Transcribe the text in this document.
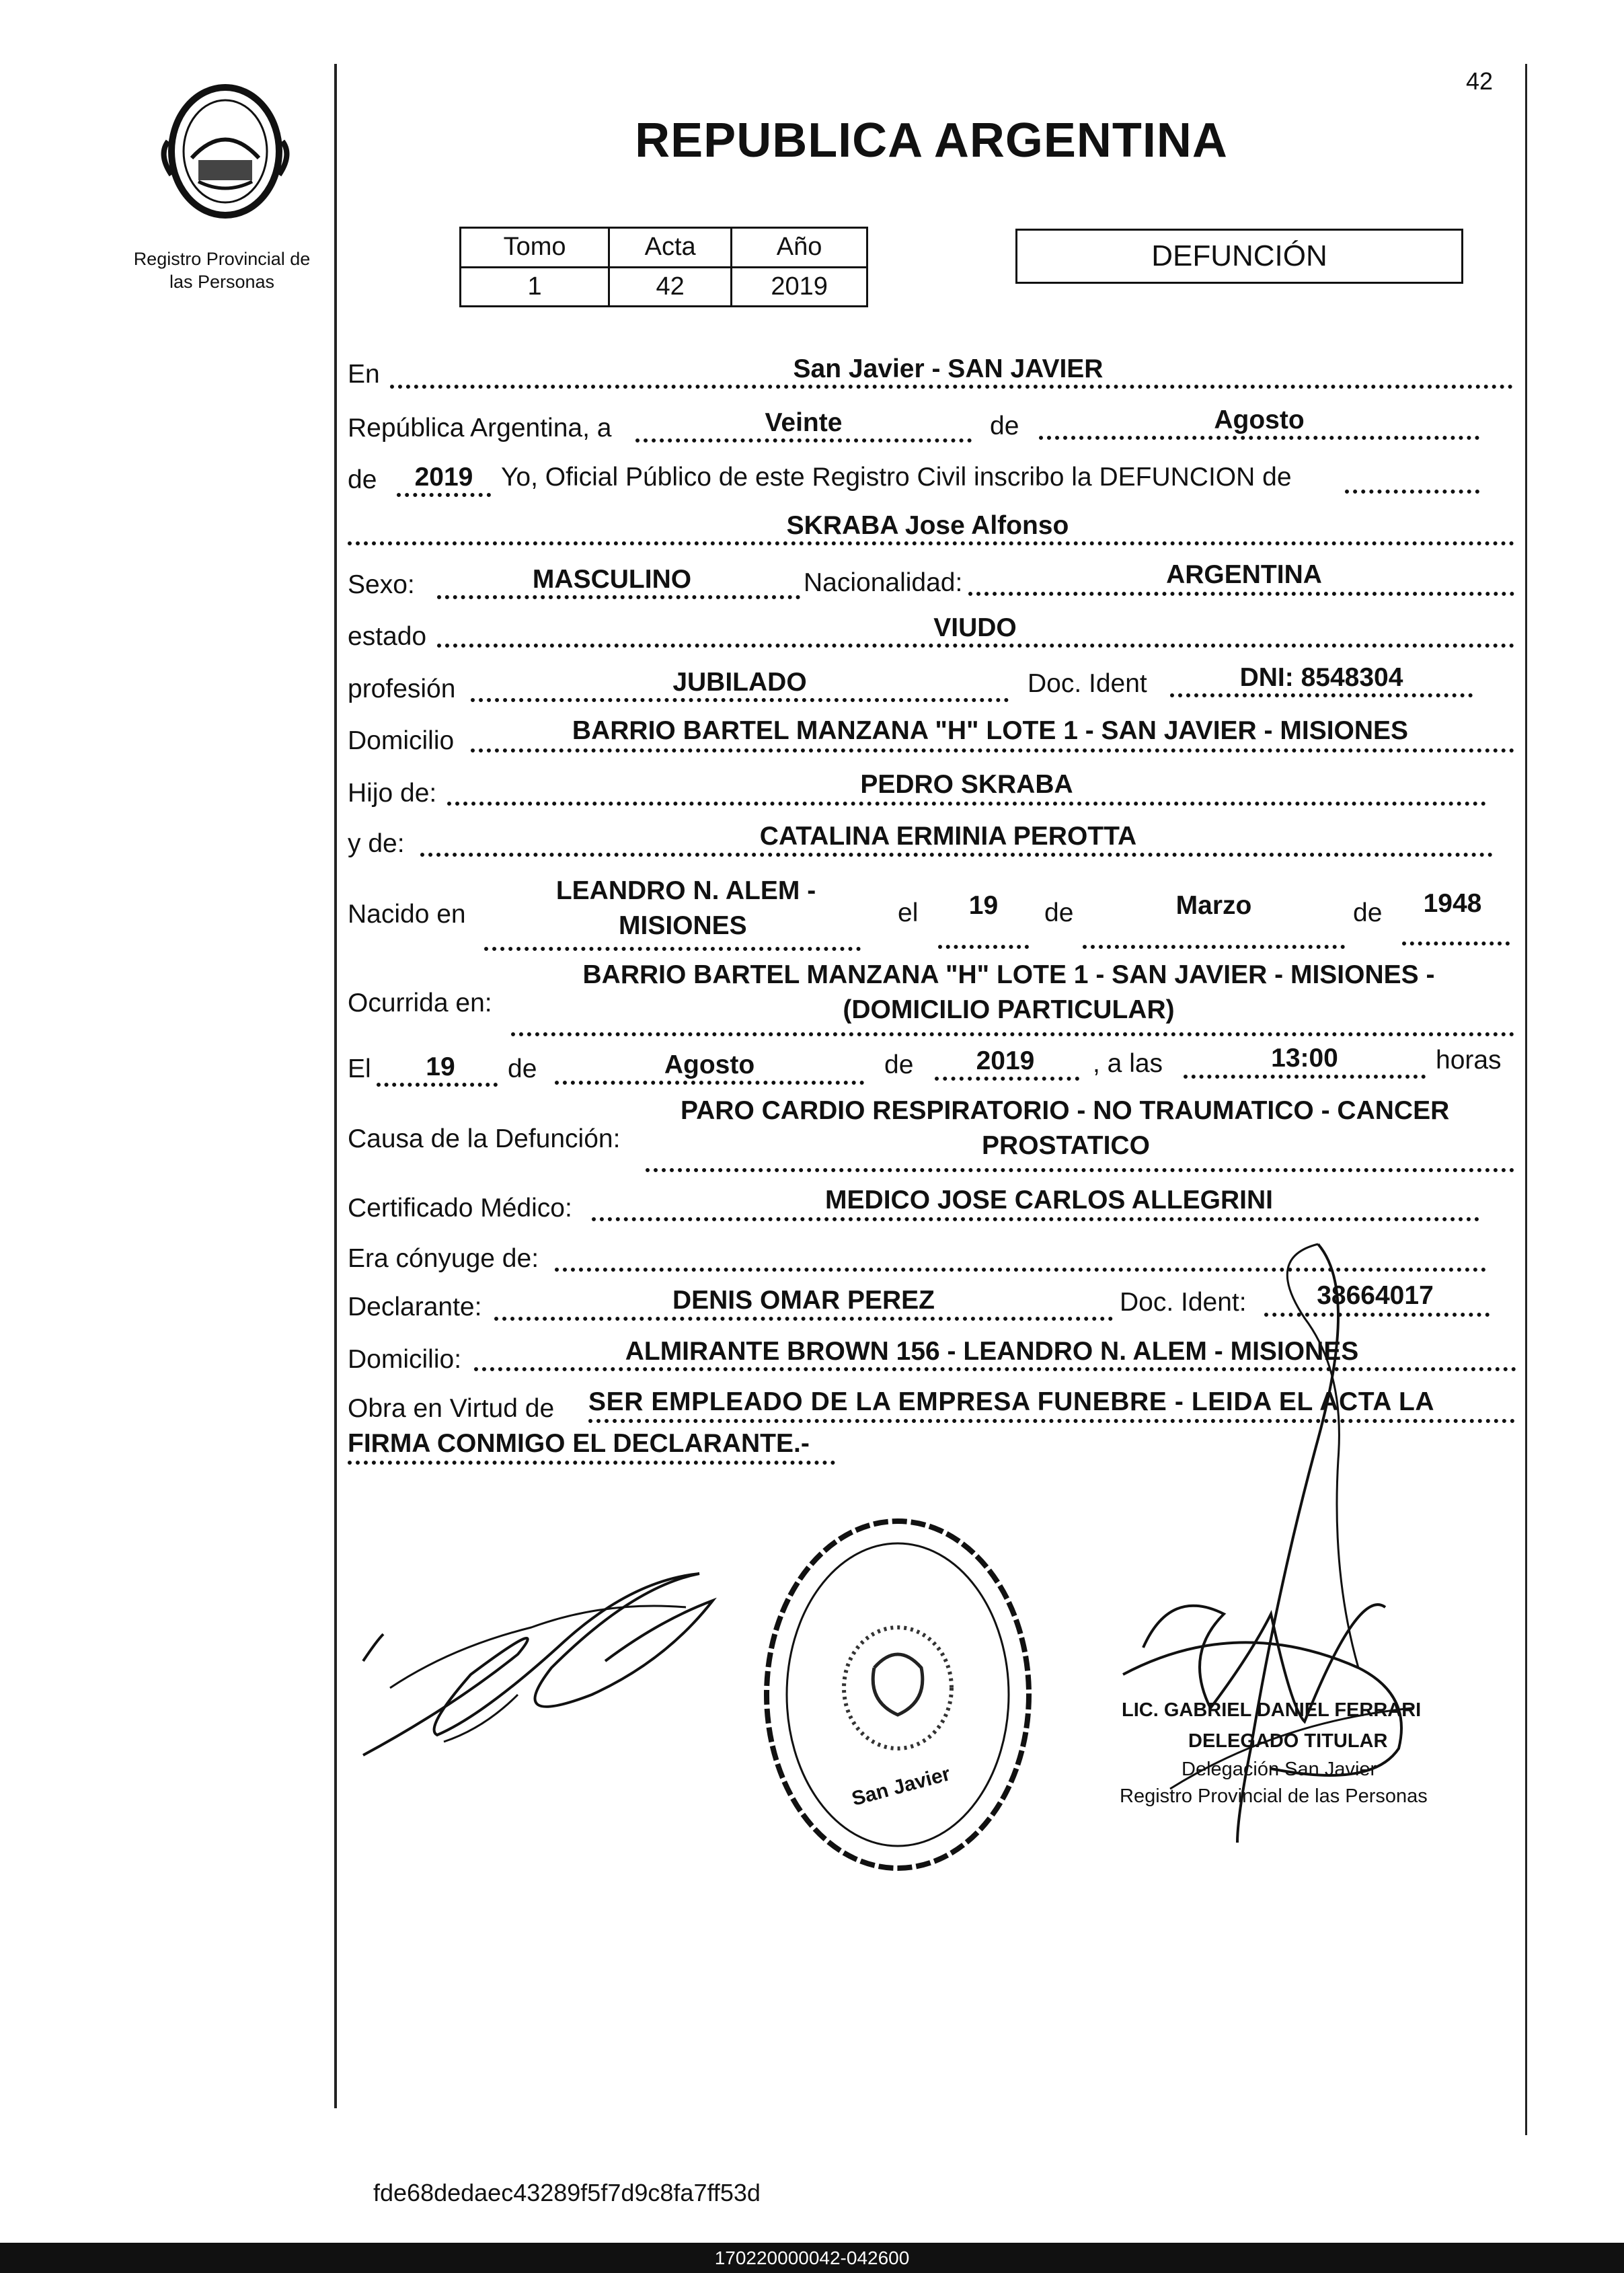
42
Registro Provincial de
las Personas
REPUBLICA ARGENTINA
Tomo	Acta	Año
1	42	2019
DEFUNCIÓN
En	San Javier - SAN JAVIER
República Argentina, a	Veinte	de	Agosto
de	2019	Yo, Oficial Público de este Registro Civil inscribo la DEFUNCION de
SKRABA Jose Alfonso
Sexo:	MASCULINO	Nacionalidad:	ARGENTINA
estado	VIUDO
profesión	JUBILADO	Doc. Ident	DNI: 8548304
Domicilio	BARRIO BARTEL MANZANA "H" LOTE 1 - SAN JAVIER - MISIONES
Hijo de:	PEDRO SKRABA
y de:	CATALINA ERMINIA PEROTTA
Nacido en
LEANDRO N. ALEM -
MISIONES	el	19	de	Marzo	de	1948
Ocurrida en:
BARRIO BARTEL MANZANA "H" LOTE 1 - SAN JAVIER - MISIONES -
(DOMICILIO PARTICULAR)
El	19	de	Agosto	de	2019	, a las	13:00	horas
Causa de la Defunción:
PARO CARDIO RESPIRATORIO - NO TRAUMATICO - CANCER
PROSTATICO
Certificado Médico:	MEDICO JOSE CARLOS ALLEGRINI
Era cónyuge de:
Declarante:	DENIS OMAR PEREZ	Doc. Ident:	38664017
Domicilio:	ALMIRANTE BROWN 156 - LEANDRO N. ALEM - MISIONES
Obra en Virtud de SER EMPLEADO DE LA EMPRESA FUNEBRE - LEIDA EL ACTA LA
FIRMA CONMIGO EL DECLARANTE.-
San Javier
LIC. GABRIEL DANIEL FERRARI
DELEGADO TITULAR
Delegación San Javier
Registro Provincial de las Personas
fde68dedaec43289f5f7d9c8fa7ff53d
170220000042-042600
